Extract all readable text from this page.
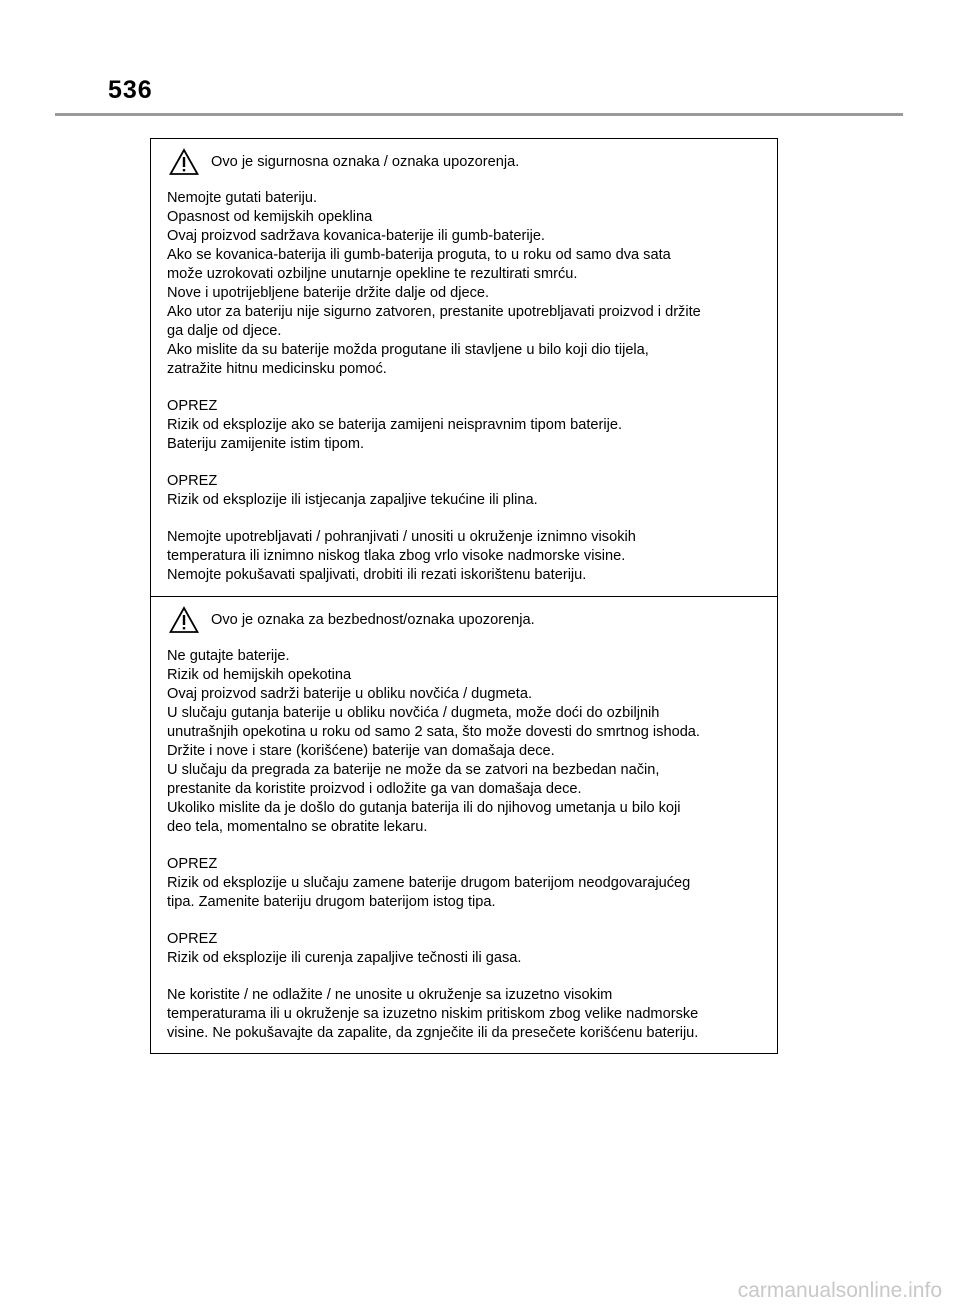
536
Ovo je sigurnosna oznaka / oznaka upozorenja.

Nemojte gutati bateriju.
Opasnost od kemijskih opeklina
Ovaj proizvod sadržava kovanica-baterije ili gumb-baterije.
Ako se kovanica-baterija ili gumb-baterija proguta, to u roku od samo dva sata
može uzrokovati ozbiljne unutarnje opekline te rezultirati smrću.
Nove i upotrijebljene baterije držite dalje od djece.
Ako utor za bateriju nije sigurno zatvoren, prestanite upotrebljavati proizvod i držite
ga dalje od djece.
Ako mislite da su baterije možda progutane ili stavljene u bilo koji dio tijela,
zatražite hitnu medicinsku pomoć.

OPREZ
Rizik od eksplozije ako se baterija zamijeni neispravnim tipom baterije.
Bateriju zamijenite istim tipom.

OPREZ
Rizik od eksplozije ili istjecanja zapaljive tekućine ili plina.

Nemojte upotrebljavati / pohranjivati / unositi u okruženje iznimno visokih
temperatura ili iznimno niskog tlaka zbog vrlo visoke nadmorske visine.
Nemojte pokušavati spaljivati, drobiti ili rezati iskorištenu bateriju.

Ovo je oznaka za bezbednost/oznaka upozorenja.

Ne gutajte baterije.
Rizik od hemijskih opekotina
Ovaj proizvod sadrži baterije u obliku novčića / dugmeta.
U slučaju gutanja baterije u obliku novčića / dugmeta, može doći do ozbiljnih
unutrašnjih opekotina u roku od samo 2 sata, što može dovesti do smrtnog ishoda.
Držite i nove i stare (korišćene) baterije van domašaja dece.
U slučaju da pregrada za baterije ne može da se zatvori na bezbedan način,
prestanite da koristite proizvod i odložite ga van domašaja dece.
Ukoliko mislite da je došlo do gutanja baterija ili do njihovog umetanja u bilo koji
deo tela, momentalno se obratite lekaru.

OPREZ
Rizik od eksplozije u slučaju zamene baterije drugom baterijom neodgovarajućeg
tipa. Zamenite bateriju drugom baterijom istog tipa.

OPREZ
Rizik od eksplozije ili curenja zapaljive tečnosti ili gasa.

Ne koristite / ne odlažite / ne unosite u okruženje sa izuzetno visokim
temperaturama ili u okruženje sa izuzetno niskim pritiskom zbog velike nadmorske
visine. Ne pokušavajte da zapalite, da zgnječite ili da presečete korišćenu bateriju.

carmanualsonline.info
